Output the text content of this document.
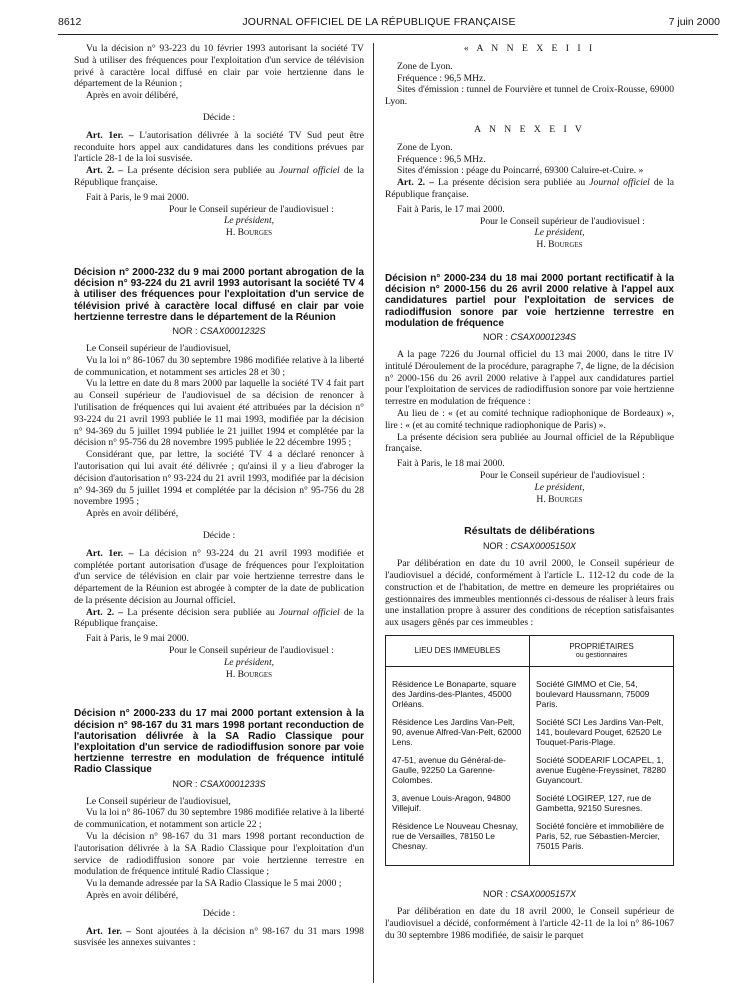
8612	JOURNAL OFFICIEL DE LA RÉPUBLIQUE FRANÇAISE	7 juin 2000

Vu la décision n° 93-223 du 10 février 1993 autorisant la société TV Sud à utiliser des fréquences pour l'exploitation d'un service de télévision privé à caractère local diffusé en clair par voie hertzienne dans le département de la Réunion ;

Après en avoir délibéré,

Décide :

Art. 1er. – L'autorisation délivrée à la société TV Sud peut être reconduite hors appel aux candidatures dans les conditions prévues par l'article 28-1 de la loi susvisée.

Art. 2. – La présente décision sera publiée au Journal officiel de la République française.

Fait à Paris, le 9 mai 2000.

Pour le Conseil supérieur de l'audiovisuel :

Le président,

H. Bourges

Décision n° 2000-232 du 9 mai 2000 portant abrogation de la décision n° 93-224 du 21 avril 1993 autorisant la société TV 4 à utiliser des fréquences pour l'exploitation d'un service de télévision privé à caractère local diffusé en clair par voie hertzienne terrestre dans le département de la Réunion

NOR : CSAX0001232S

Le Conseil supérieur de l'audiovisuel,

Vu la loi n° 86-1067 du 30 septembre 1986 modifiée relative à la liberté de communication, et notamment ses articles 28 et 30 ;

Vu la lettre en date du 8 mars 2000 par laquelle la société TV 4 fait part au Conseil supérieur de l'audiovisuel de sa décision de renoncer à l'utilisation de fréquences qui lui avaient été attribuées par la décision n° 93-224 du 21 avril 1993 publiée le 11 mai 1993, modifiée par la décision n° 94-369 du 5 juillet 1994 publiée le 21 juillet 1994 et complétée par la décision n° 95-756 du 28 novembre 1995 publiée le 22 décembre 1995 ;

Considérant que, par lettre, la société TV 4 a déclaré renoncer à l'autorisation qui lui avait été délivrée ; qu'ainsi il y a lieu d'abroger la décision d'autorisation n° 93-224 du 21 avril 1993, modifiée par la décision n° 94-369 du 5 juillet 1994 et complétée par la décision n° 95-756 du 28 novembre 1995 ;

Après en avoir délibéré,

Décide :

Art. 1er. – La décision n° 93-224 du 21 avril 1993 modifiée et complétée portant autorisation d'usage de fréquences pour l'exploitation d'un service de télévision en clair par voie hertzienne terrestre dans le département de la Réunion est abrogée à compter de la date de publication de la présente décision au Journal officiel.

Art. 2. – La présente décision sera publiée au Journal officiel de la République française.

Fait à Paris, le 9 mai 2000.

Pour le Conseil supérieur de l'audiovisuel :

Le président,

H. Bourges

Décision n° 2000-233 du 17 mai 2000 portant extension à la décision n° 98-167 du 31 mars 1998 portant reconduction de l'autorisation délivrée à la SA Radio Classique pour l'exploitation d'un service de radiodiffusion sonore par voie hertzienne terrestre en modulation de fréquence intitulé Radio Classique

NOR : CSAX0001233S

Le Conseil supérieur de l'audiovisuel,

Vu la loi n° 86-1067 du 30 septembre 1986 modifiée relative à la liberté de communication, et notamment son article 22 ;

Vu la décision n° 98-167 du 31 mars 1998 portant reconduction de l'autorisation délivrée à la SA Radio Classique pour l'exploitation d'un service de radiodiffusion sonore par voie hertzienne terrestre en modulation de fréquence intitulé Radio Classique ;

Vu la demande adressée par la SA Radio Classique le 5 mai 2000 ;

Après en avoir délibéré,

Décide :

Art. 1er. – Sont ajoutées à la décision n° 98-167 du 31 mars 1998 susvisée les annexes suivantes :

« A N N E X E I I I

Zone de Lyon.

Fréquence : 96,5 MHz.

Sites d'émission : tunnel de Fourvière et tunnel de Croix-Rousse, 69000 Lyon.

A N N E X E I V

Zone de Lyon.

Fréquence : 96,5 MHz.

Sites d'émission : péage du Poincarré, 69300 Caluire-et-Cuire. »

Art. 2. – La présente décision sera publiée au Journal officiel de la République française.

Fait à Paris, le 17 mai 2000.

Pour le Conseil supérieur de l'audiovisuel :

Le président,

H. Bourges

Décision n° 2000-234 du 18 mai 2000 portant rectificatif à la décision n° 2000-156 du 26 avril 2000 relative à l'appel aux candidatures partiel pour l'exploitation de services de radiodiffusion sonore par voie hertzienne terrestre en modulation de fréquence

NOR : CSAX0001234S

A la page 7226 du Journal officiel du 13 mai 2000, dans le titre IV intitulé Déroulement de la procédure, paragraphe 7, 4e ligne, de la décision n° 2000-156 du 26 avril 2000 relative à l'appel aux candidatures partiel pour l'exploitation de services de radiodiffusion sonore par voie hertzienne terrestre en modulation de fréquence :

Au lieu de : « (et au comité technique radiophonique de Bordeaux) », lire : « (et au comité technique radiophonique de Paris) ».

La présente décision sera publiée au Journal officiel de la République française.

Fait à Paris, le 18 mai 2000.

Pour le Conseil supérieur de l'audiovisuel :

Le président,

H. Bourges

Résultats de délibérations

NOR : CSAX0005150X

Par délibération en date du 10 avril 2000, le Conseil supérieur de l'audiovisuel a décidé, conformément à l'article L. 112-12 du code de la construction et de l'habitation, de mettre en demeure les propriétaires ou gestionnaires des immeubles mentionnés ci-dessous de réaliser à leurs frais une installation propre à assurer des conditions de réception satisfaisantes aux usagers gênés par ces immeubles :

LIEU DES IMMEUBLES	PROPRIÉTAIRES
ou gestionnaires

Résidence Le Bonaparte, square des Jardins-des-Plantes, 45000 Orléans.	Société GIMMO et Cie, 54, boulevard Haussmann, 75009 Paris.
Résidence Les Jardins Van-Pelt, 90, avenue Alfred-Van-Pelt, 62000 Lens.	Société SCI Les Jardins Van-Pelt, 141, boulevard Pouget, 62520 Le Touquet-Paris-Plage.
47-51, avenue du Général-de-Gaulle, 92250 La Garenne-Colombes.	Société SODEARIF LOCAPEL, 1, avenue Eugène-Freyssinet, 78280 Guyancourt.
3, avenue Louis-Aragon, 94800 Villejuif.	Société LOGIREP, 127, rue de Gambetta, 92150 Suresnes.
Résidence Le Nouveau Chesnay, rue de Versailles, 78150 Le Chesnay.	Société foncière et immobilière de Paris, 52, rue Sébastien-Mercier, 75015 Paris.

NOR : CSAX0005157X

Par délibération en date du 18 avril 2000, le Conseil supérieur de l'audiovisuel a décidé, conformément à l'article 42-11 de la loi n° 86-1067 du 30 septembre 1986 modifiée, de saisir le parquet
